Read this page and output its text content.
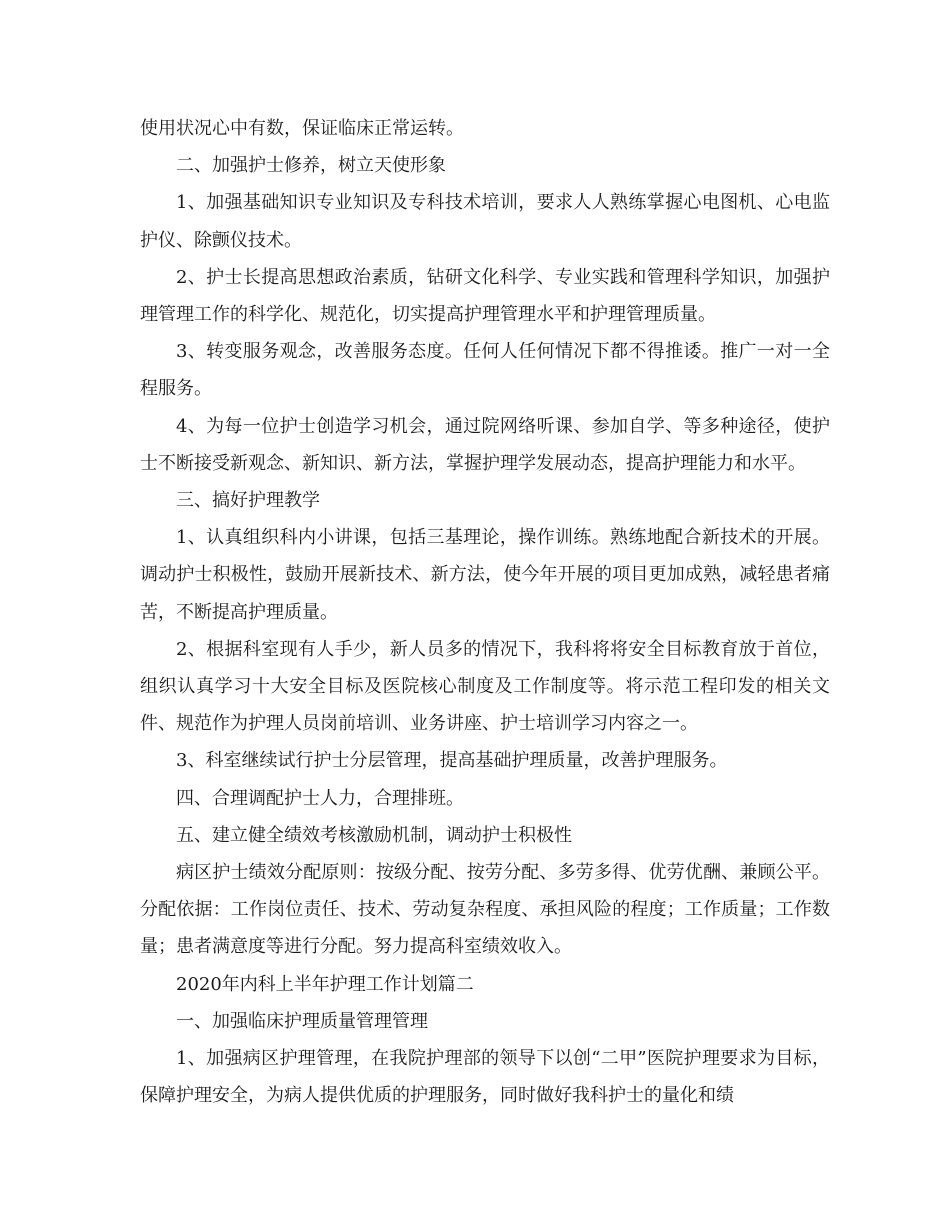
使用状况心中有数，保证临床正常运转。

二、加强护士修养，树立天使形象

1、加强基础知识专业知识及专科技术培训，要求人人熟练掌握心电图机、心电监护仪、除颤仪技术。

2、护士长提高思想政治素质，钻研文化科学、专业实践和管理科学知识，加强护理管理工作的科学化、规范化，切实提高护理管理水平和护理管理质量。

3、转变服务观念，改善服务态度。任何人任何情况下都不得推诿。推广一对一全程服务。

4、为每一位护士创造学习机会，通过院网络听课、参加自学、等多种途径，使护士不断接受新观念、新知识、新方法，掌握护理学发展动态，提高护理能力和水平。

三、搞好护理教学

1、认真组织科内小讲课，包括三基理论，操作训练。熟练地配合新技术的开展。调动护士积极性，鼓励开展新技术、新方法，使今年开展的项目更加成熟，减轻患者痛苦，不断提高护理质量。

2、根据科室现有人手少，新人员多的情况下，我科将将安全目标教育放于首位，组织认真学习十大安全目标及医院核心制度及工作制度等。将示范工程印发的相关文件、规范作为护理人员岗前培训、业务讲座、护士培训学习内容之一。

3、科室继续试行护士分层管理，提高基础护理质量，改善护理服务。

四、合理调配护士人力，合理排班。

五、建立健全绩效考核激励机制，调动护士积极性

病区护士绩效分配原则：按级分配、按劳分配、多劳多得、优劳优酬、兼顾公平。分配依据：工作岗位责任、技术、劳动复杂程度、承担风险的程度；工作质量；工作数量；患者满意度等进行分配。努力提高科室绩效收入。

2020年内科上半年护理工作计划篇二

一、加强临床护理质量管理管理

1、加强病区护理管理，在我院护理部的领导下以创“二甲”医院护理要求为目标，保障护理安全，为病人提供优质的护理服务，同时做好我科护士的量化和绩
